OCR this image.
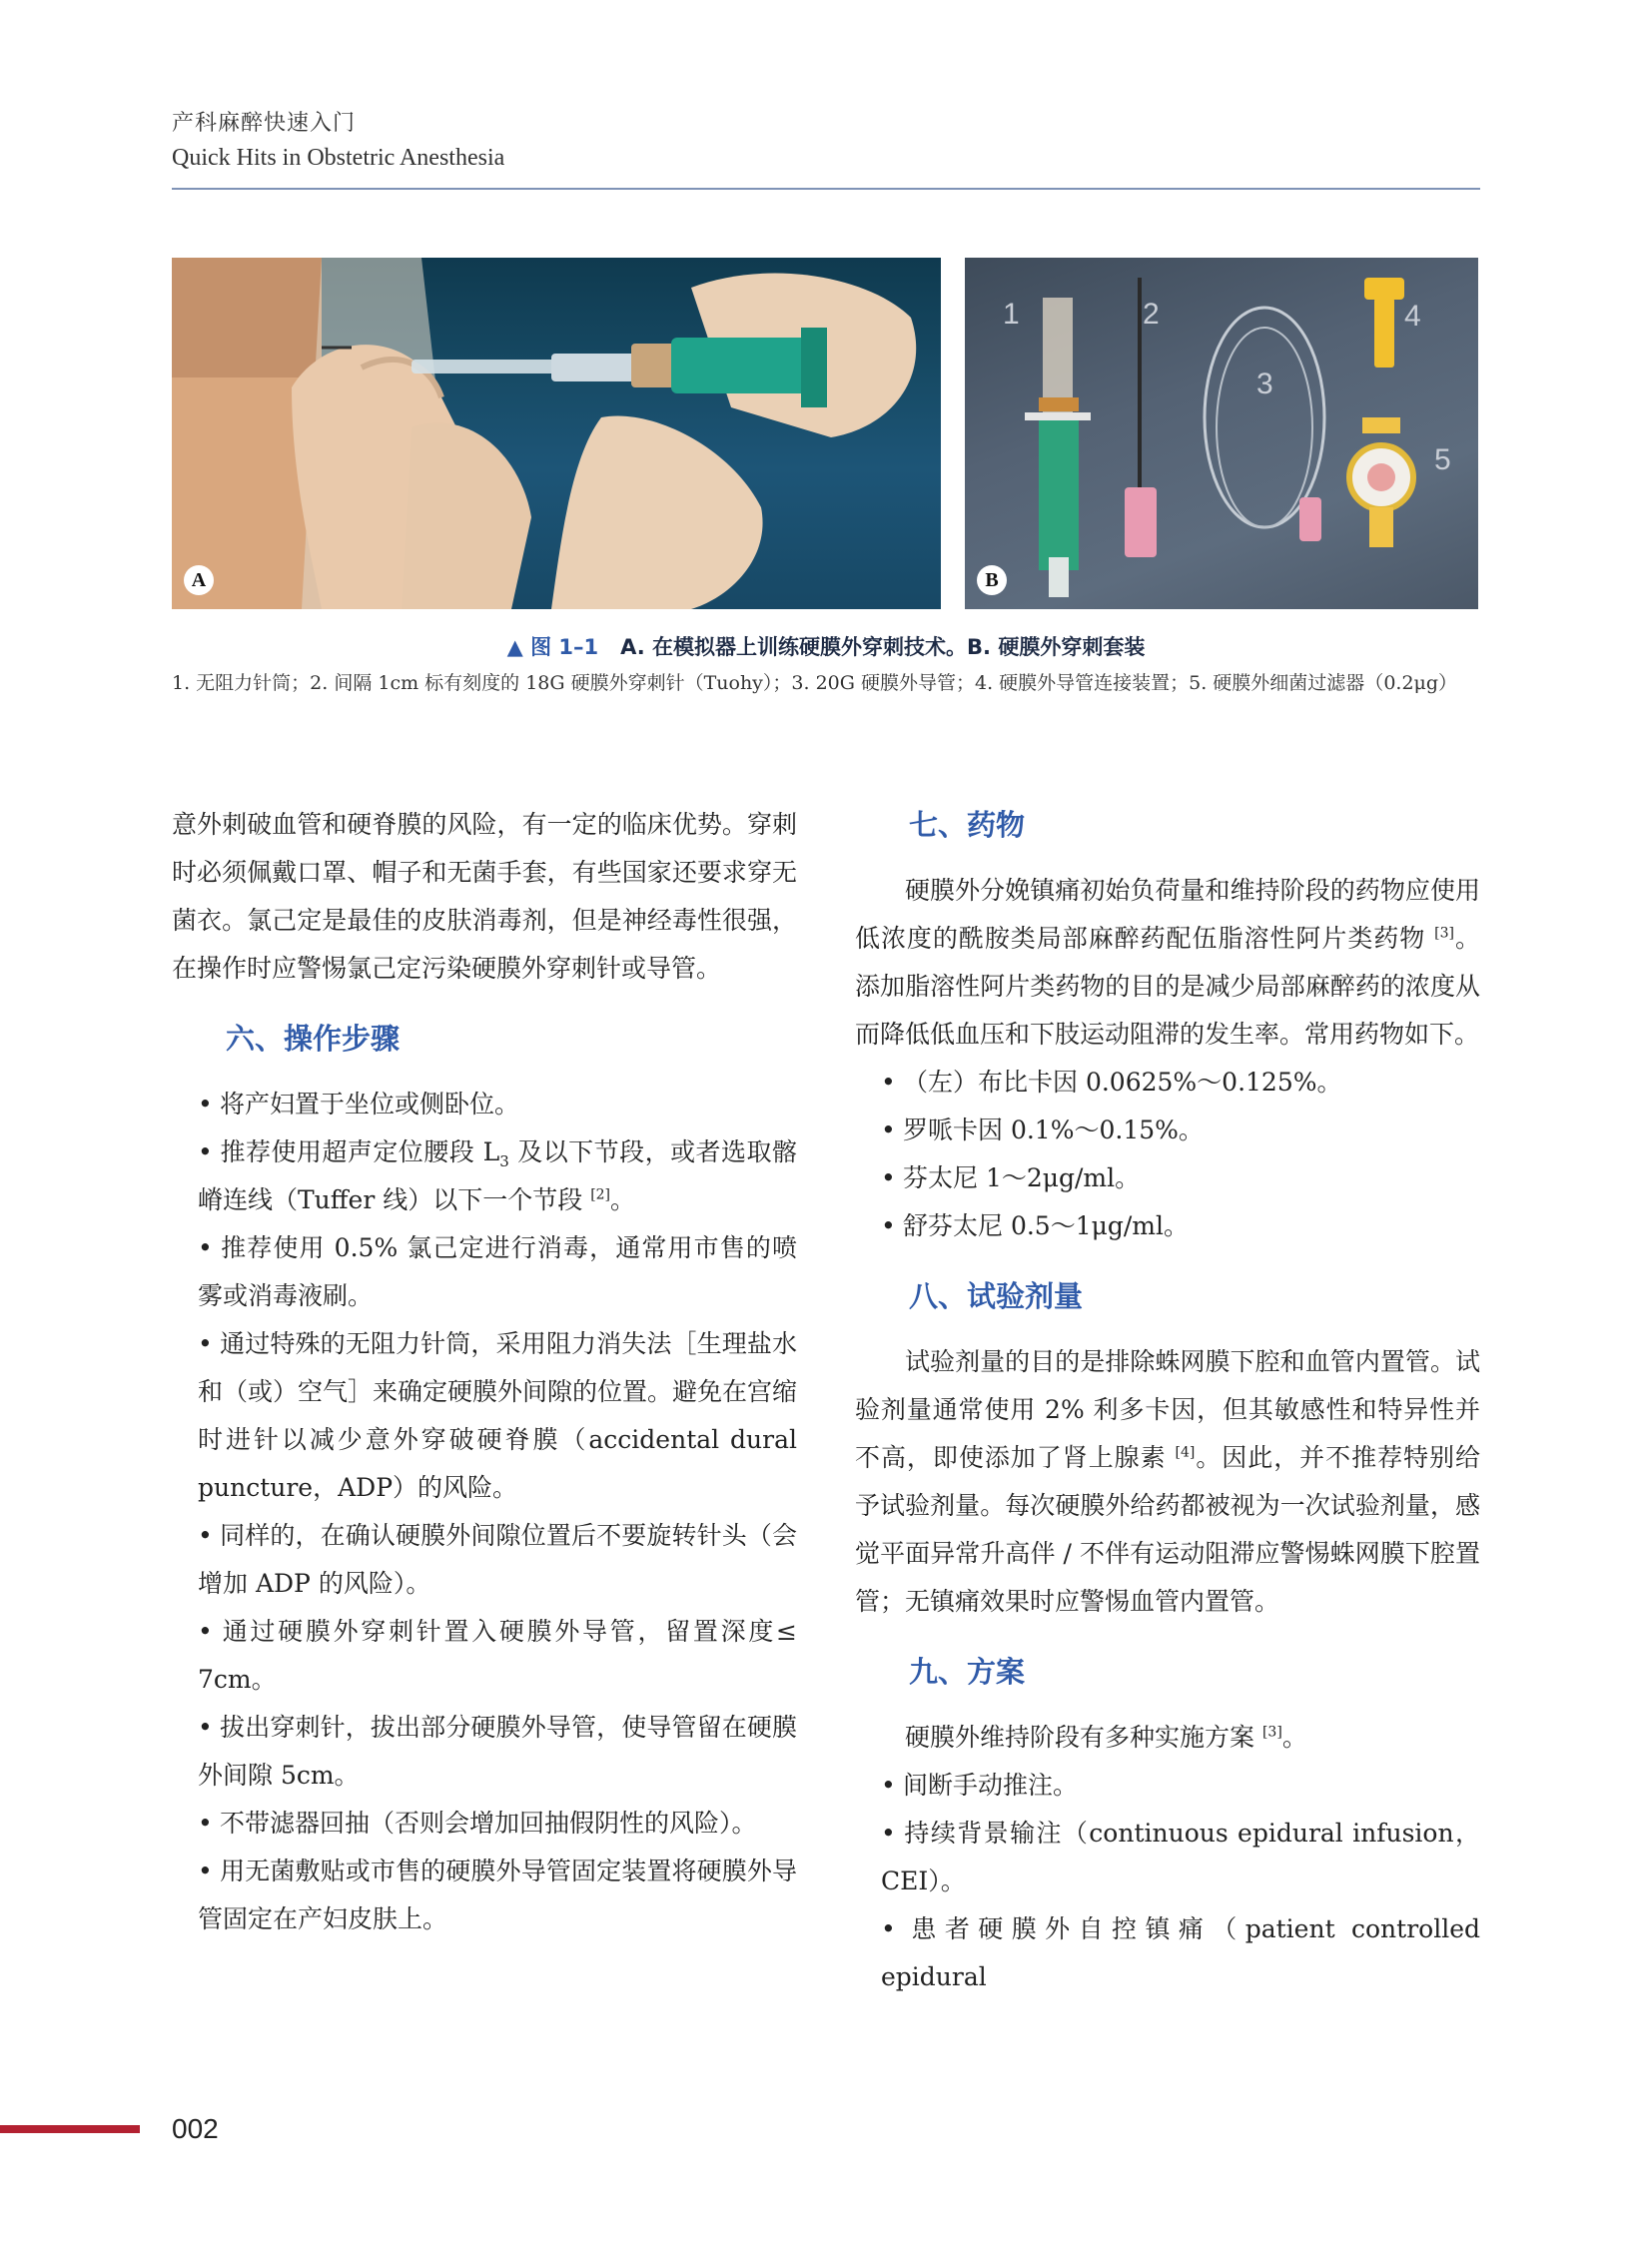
产科麻醉快速入门
Quick Hits in Obstetric Anesthesia
A
1	2
3
4
5
B
▲ 图 1–1 A. 在模拟器上训练硬膜外穿刺技术。B. 硬膜外穿刺套装
1. 无阻力针筒；2. 间隔 1cm 标有刻度的 18G 硬膜外穿刺针（Tuohy）；3. 20G 硬膜外导管；4. 硬膜外导管连接装置；5. 硬膜外细菌过滤器（0.2μg）

意外刺破血管和硬脊膜的风险，有一定的临床优势。穿刺时必须佩戴口罩、帽子和无菌手套，有些国家还要求穿无菌衣。氯己定是最佳的皮肤消毒剂，但是神经毒性很强，在操作时应警惕氯己定污染硬膜外穿刺针或导管。

六、操作步骤

• 将产妇置于坐位或侧卧位。

• 推荐使用超声定位腰段 $L_3$ 及以下节段，或者选取髂嵴连线（Tuffer 线）以下一个节段 [2]。

• 推荐使用 0.5% 氯己定进行消毒，通常用市售的喷雾或消毒液刷。

• 通过特殊的无阻力针筒，采用阻力消失法［生理盐水和（或）空气］来确定硬膜外间隙的位置。避免在宫缩时进针以减少意外穿破硬脊膜（accidental dural puncture，ADP）的风险。

• 同样的，在确认硬膜外间隙位置后不要旋转针头（会增加 ADP 的风险）。

• 通过硬膜外穿刺针置入硬膜外导管，留置深度≤ 7cm。

• 拔出穿刺针，拔出部分硬膜外导管，使导管留在硬膜外间隙 5cm。

• 不带滤器回抽（否则会增加回抽假阴性的风险）。

• 用无菌敷贴或市售的硬膜外导管固定装置将硬膜外导管固定在产妇皮肤上。

七、药物

硬膜外分娩镇痛初始负荷量和维持阶段的药物应使用低浓度的酰胺类局部麻醉药配伍脂溶性阿片类药物 [3]。添加脂溶性阿片类药物的目的是减少局部麻醉药的浓度从而降低低血压和下肢运动阻滞的发生率。常用药物如下。

• （左）布比卡因 0.0625%～0.125%。

• 罗哌卡因 0.1%～0.15%。

• 芬太尼 1～2μg/ml。

• 舒芬太尼 0.5～1μg/ml。

八、试验剂量

试验剂量的目的是排除蛛网膜下腔和血管内置管。试验剂量通常使用 2% 利多卡因，但其敏感性和特异性并不高，即使添加了肾上腺素 [4]。因此，并不推荐特别给予试验剂量。每次硬膜外给药都被视为一次试验剂量，感觉平面异常升高伴 / 不伴有运动阻滞应警惕蛛网膜下腔置管；无镇痛效果时应警惕血管内置管。

九、方案

硬膜外维持阶段有多种实施方案 [3]。

• 间断手动推注。

• 持续背景输注（continuous epidural infusion，CEI）。

• 患者硬膜外自控镇痛（patient controlled epidural

002
